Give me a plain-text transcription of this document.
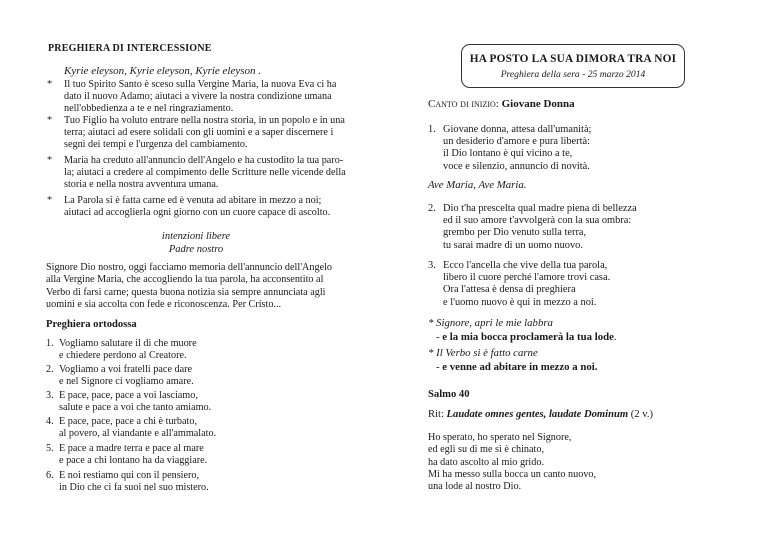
PREGHIERA DI INTERCESSIONE
Kyrie eleyson, Kyrie eleyson, Kyrie eleyson .
* Il tuo Spirito Santo è sceso sulla Vergine Maria, la nuova Eva ci ha
dato il nuovo Adamo; aiutaci a vivere la nostra condizione umana
nell'obbedienza a te e nel ringraziamento.
* Tuo Figlio ha voluto entrare nella nostra storia, in un popolo e in una
terra; aiutaci ad esere solidali con gli uomini e a saper discernere i
segni dei tempi e l'urgenza del cambiamento.
* Maria ha creduto all'annuncio dell'Angelo e ha custodito la tua paro-
la; aiutaci a credere al compimento delle Scritture nelle vicende della
storia e nella nostra avventura umana.
* La Parola si è fatta carne ed è venuta ad abitare in mezzo a noi;
aiutaci ad accoglierla ogni giorno con un cuore capace di ascolto.
intenzioni libere
Padre nostro
Signore Dio nostro, oggi facciamo memoria dell'annuncio dell'Angelo
alla Vergine Maria, che accogliendo la tua parola, ha acconsentito al
Verbo di farsi carne; questa buona notizia sia sempre annunciata agli
uomini e sia accolta con fede e riconoscenza. Per Cristo...
Preghiera ortodossa
1. Vogliamo salutare il dì che muore
e chiedere perdono al Creatore.
2. Vogliamo a voi fratelli pace dare
e nel Signore ci vogliamo amare.
3. E pace, pace, pace a voi lasciamo,
salute e pace a voi che tanto amiamo.
4. E pace, pace, pace a chi è turbato,
al povero, al viandante e all'ammalato.
5. E pace a madre terra e pace al mare
e pace a chi lontano ha da viaggiare.
6. E noi restiamo qui con il pensiero,
in Dio che ci fa suoi nel suo mistero.
HA POSTO LA SUA DIMORA TRA NOI
Preghiera della sera - 25 marzo 2014
Canto di inizio: Giovane Donna
1. Giovane donna, attesa dall'umanità;
un desiderio d'amore e pura libertà:
il Dio lontano è qui vicino a te,
voce e silenzio, annuncio di novità.
Ave Maria, Ave Maria.
2. Dio t'ha prescelta qual madre piena di bellezza
ed il suo amore t'avvolgerà con la sua ombra:
grembo per Dio venuto sulla terra,
tu sarai madre di un uomo nuovo.
3. Ecco l'ancella che vive della tua parola,
libero il cuore perché l'amore trovi casa.
Ora l'attesa è densa di preghiera
e l'uomo nuovo è qui in mezzo a noi.
* Signore, apri le mie labbra
- e la mia bocca proclamerà la tua lode.
* Il Verbo si è fatto carne
- e venne ad abitare in mezzo a noi.
Salmo 40
Rit: Laudate omnes gentes, laudate Dominum (2 v.)
Ho sperato, ho sperato nel Signore,
ed egli su di me si è chinato,
ha dato ascolto al mio grido.
Mi ha messo sulla bocca un canto nuovo,
una lode al nostro Dio.
